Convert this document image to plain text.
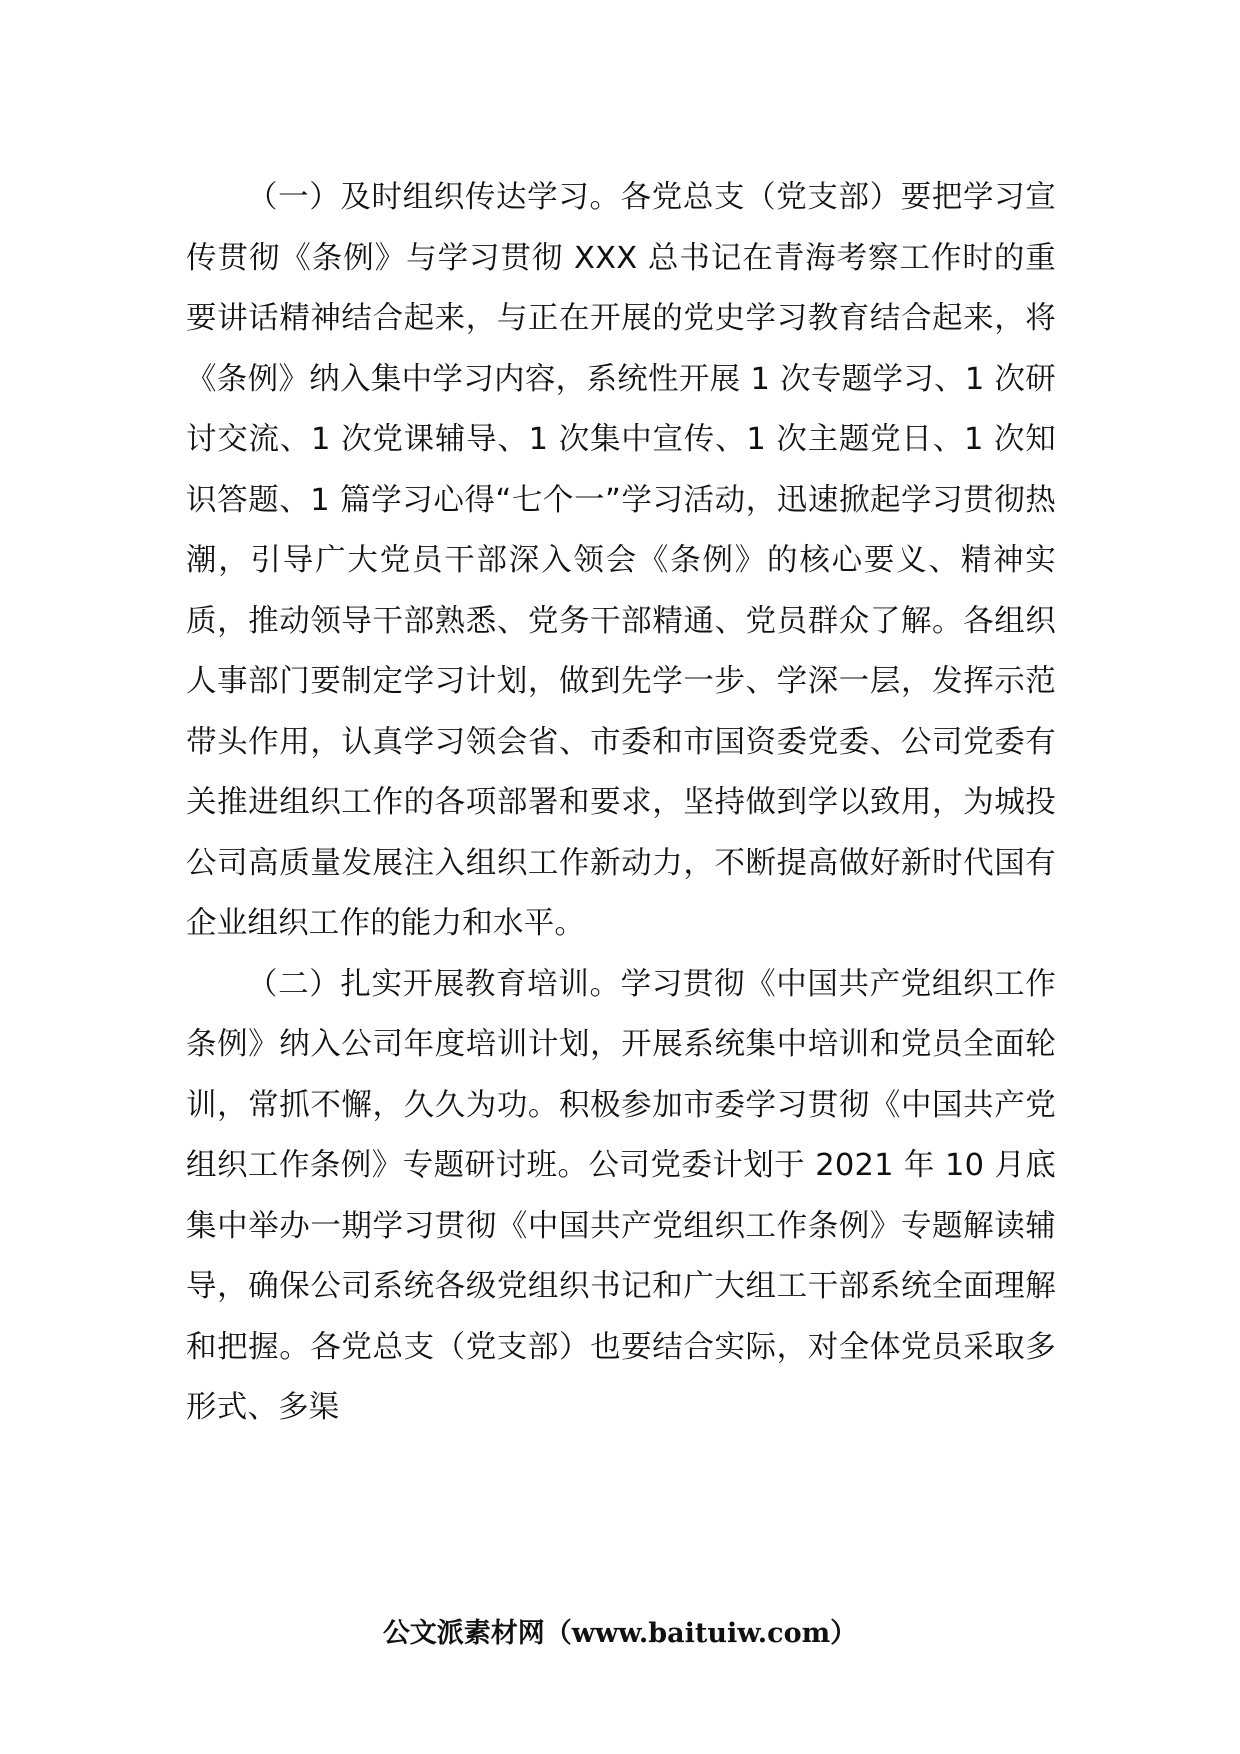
（一）及时组织传达学习。各党总支（党支部）要把学习宣传贯彻《条例》与学习贯彻 XXX 总书记在青海考察工作时的重要讲话精神结合起来，与正在开展的党史学习教育结合起来，将《条例》纳入集中学习内容，系统性开展 1 次专题学习、1 次研讨交流、1 次党课辅导、1 次集中宣传、1 次主题党日、1 次知识答题、1 篇学习心得“七个一”学习活动，迅速掀起学习贯彻热潮，引导广大党员干部深入领会《条例》的核心要义、精神实质，推动领导干部熟悉、党务干部精通、党员群众了解。各组织人事部门要制定学习计划，做到先学一步、学深一层，发挥示范带头作用，认真学习领会省、市委和市国资委党委、公司党委有关推进组织工作的各项部署和要求，坚持做到学以致用，为城投公司高质量发展注入组织工作新动力，不断提高做好新时代国有企业组织工作的能力和水平。

（二）扎实开展教育培训。学习贯彻《中国共产党组织工作条例》纳入公司年度培训计划，开展系统集中培训和党员全面轮训，常抓不懈，久久为功。积极参加市委学习贯彻《中国共产党组织工作条例》专题研讨班。公司党委计划于 2021 年 10 月底集中举办一期学习贯彻《中国共产党组织工作条例》专题解读辅导，确保公司系统各级党组织书记和广大组工干部系统全面理解和把握。各党总支（党支部）也要结合实际，对全体党员采取多形式、多渠

公文派素材网（www.baituiw.com）
